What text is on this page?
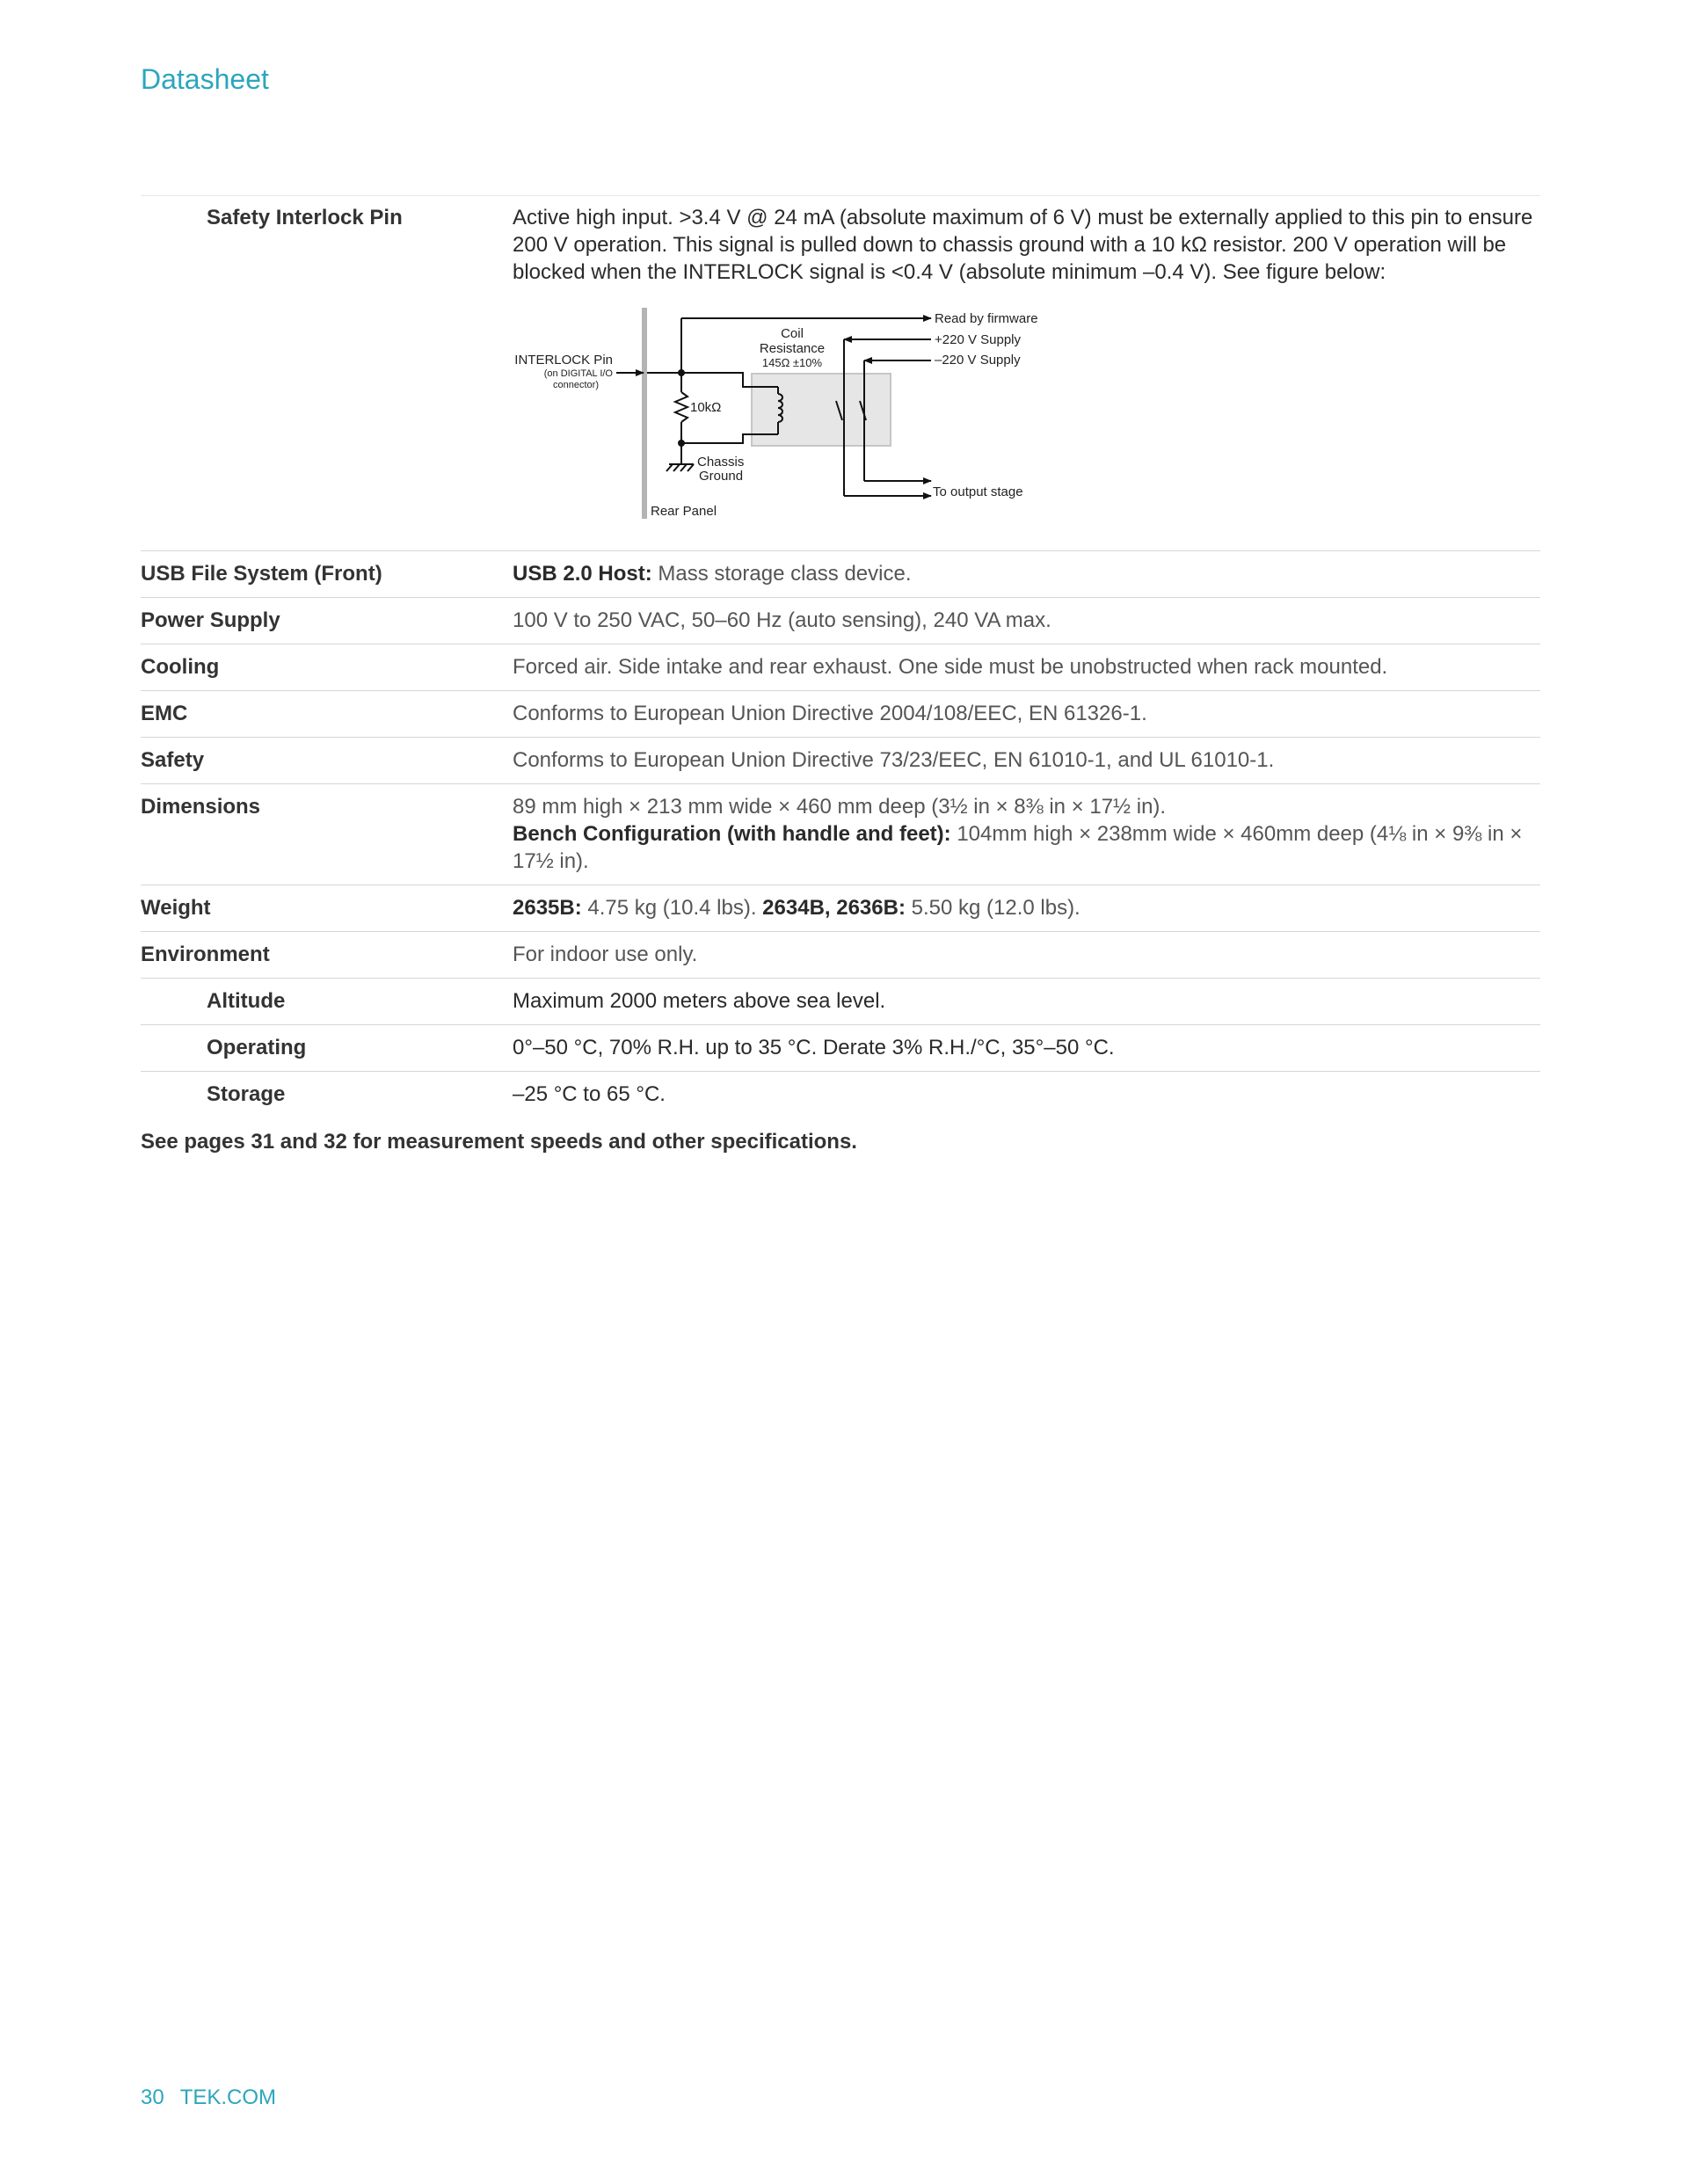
Datasheet
Safety Interlock Pin	Active high input. >3.4 V @ 24 mA (absolute maximum of 6 V) must be externally applied to this pin to ensure 200 V operation. This signal is pulled down to chassis ground with a 10 kΩ resistor. 200 V operation will be blocked when the INTERLOCK signal is <0.4 V (absolute minimum –0.4 V). See figure below:
Read by firmware
+220 V Supply
–220 V Supply
Coil
Resistance
145Ω ±10%
INTERLOCK Pin
(on DIGITAL I/O
connector)
10kΩ
Chassis
Ground
To output stage
Rear Panel
USB File System (Front)	USB 2.0 Host: Mass storage class device.
Power Supply	100 V to 250 VAC, 50–60 Hz (auto sensing), 240 VA max.
Cooling	Forced air. Side intake and rear exhaust. One side must be unobstructed when rack mounted.
EMC	Conforms to European Union Directive 2004/108/EEC, EN 61326-1.
Safety	Conforms to European Union Directive 73/23/EEC, EN 61010-1, and UL 61010-1.
Dimensions	89 mm high × 213 mm wide × 460 mm deep (3½ in × 8⅜ in × 17½ in).
Bench Configuration (with handle and feet): 104mm high × 238mm wide × 460mm deep (4⅛ in × 9⅜ in × 17½ in).
Weight	2635B: 4.75 kg (10.4 lbs). 2634B, 2636B: 5.50 kg (12.0 lbs).
Environment	For indoor use only.
Altitude	Maximum 2000 meters above sea level.
Operating	0°–50 °C, 70% R.H. up to 35 °C. Derate 3% R.H./°C, 35°–50 °C.
Storage	–25 °C to 65 °C.
See pages 31 and 32 for measurement speeds and other specifications.
30 TEK.COM
